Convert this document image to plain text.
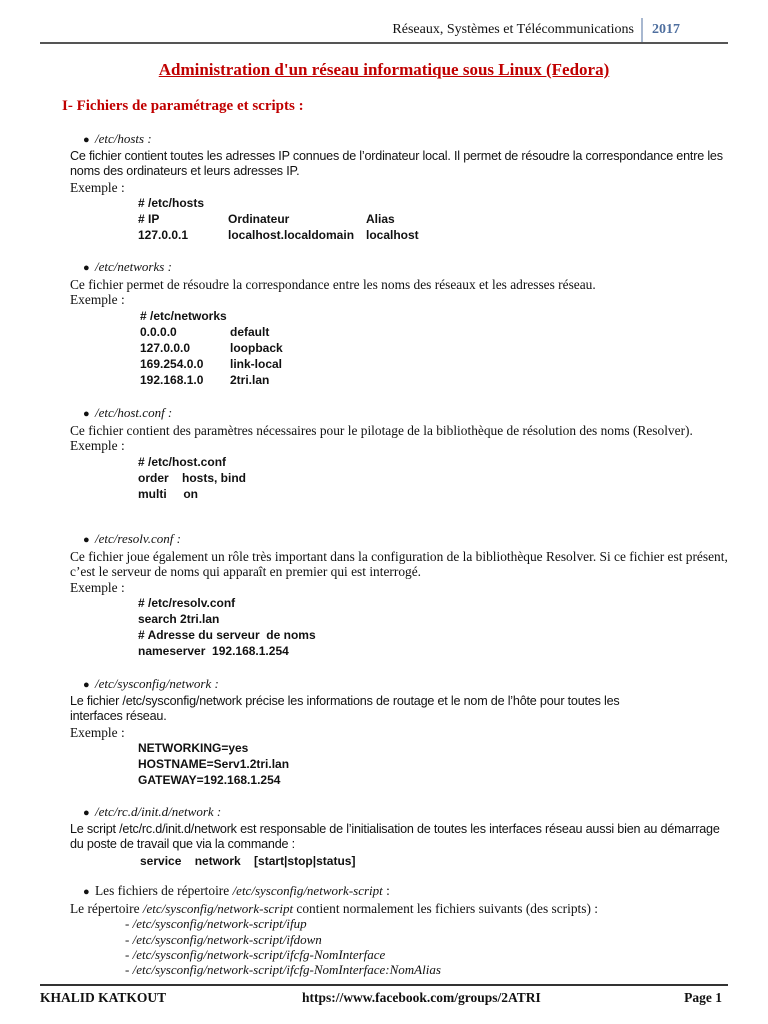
Réseaux, Systèmes et Télécommunications 2017
Administration d'un réseau informatique sous Linux (Fedora)
I- Fichiers de paramétrage et scripts :
● /etc/hosts :
Ce fichier contient toutes les adresses IP connues de l’ordinateur local. Il permet de résoudre la correspondance entre les noms des ordinateurs et leurs adresses IP.
Exemple :
# /etc/hosts
# IP	Ordinateur	Alias
127.0.0.1	localhost.localdomain localhost
● /etc/networks :
Ce fichier permet de résoudre la correspondance entre les noms des réseaux et les adresses réseau.
Exemple :
# /etc/networks
0.0.0.0	default
127.0.0.0	loopback
169.254.0.0	link-local
192.168.1.0	2tri.lan
● /etc/host.conf :
Ce fichier contient des paramètres nécessaires pour le pilotage de la bibliothèque de résolution des noms (Resolver).
Exemple :
# /etc/host.conf
order    hosts, bind
multi     on
● /etc/resolv.conf :
Ce fichier joue également un rôle très important dans la configuration de la bibliothèque Resolver. Si ce fichier est présent, c’est le serveur de noms qui apparaît en premier qui est interrogé.
Exemple :
# /etc/resolv.conf
search 2tri.lan
# Adresse du serveur  de noms
nameserver  192.168.1.254
● /etc/sysconfig/network :
Le fichier /etc/sysconfig/network précise les informations de routage et le nom de l’hôte pour toutes les interfaces réseau.
Exemple :
NETWORKING=yes
HOSTNAME=Serv1.2tri.lan
GATEWAY=192.168.1.254
● /etc/rc.d/init.d/network :
Le script /etc/rc.d/init.d/network est responsable de l’initialisation de toutes les interfaces réseau aussi bien au démarrage du poste de travail que via la commande :
service    network    [start|stop|status]
● Les fichiers de répertoire /etc/sysconfig/network-script :
Le répertoire /etc/sysconfig/network-script contient normalement les fichiers suivants (des scripts) :
- /etc/sysconfig/network-script/ifup
- /etc/sysconfig/network-script/ifdown
- /etc/sysconfig/network-script/ifcfg-NomInterface
- /etc/sysconfig/network-script/ifcfg-NomInterface:NomAlias
KHALID KATKOUT	https://www.facebook.com/groups/2ATRI	Page 1
